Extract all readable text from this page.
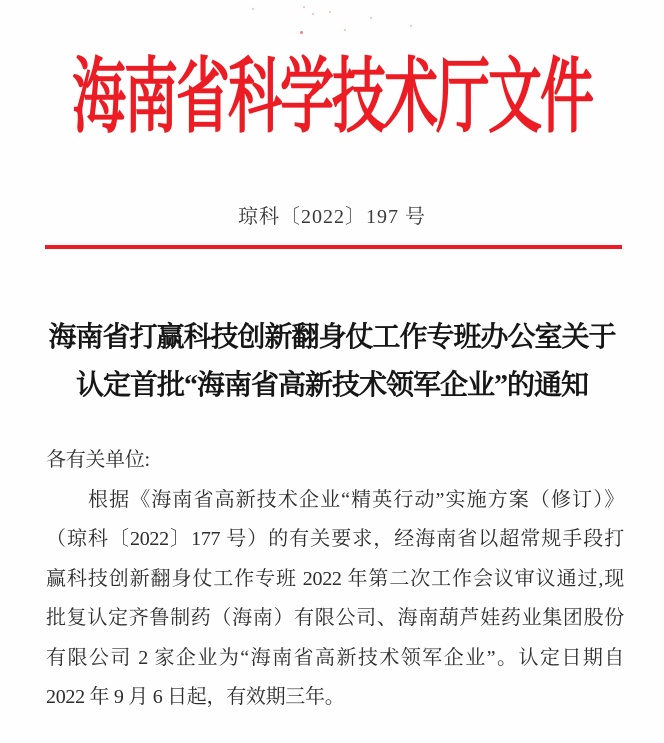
海南省科学技术厅文件
琼科〔2022〕197 号
海南省打赢科技创新翻身仗工作专班办公室关于
认定首批“海南省高新技术领军企业”的通知
各有关单位:
根据《海南省高新技术企业“精英行动”实施方案（修订）》
（琼科〔2022〕177 号）的有关要求，经海南省以超常规手段打
赢科技创新翻身仗工作专班 2022 年第二次工作会议审议通过,现
批复认定齐鲁制药（海南）有限公司、海南葫芦娃药业集团股份
有限公司 2 家企业为“海南省高新技术领军企业”。认定日期自
2022 年 9 月 6 日起，有效期三年。
